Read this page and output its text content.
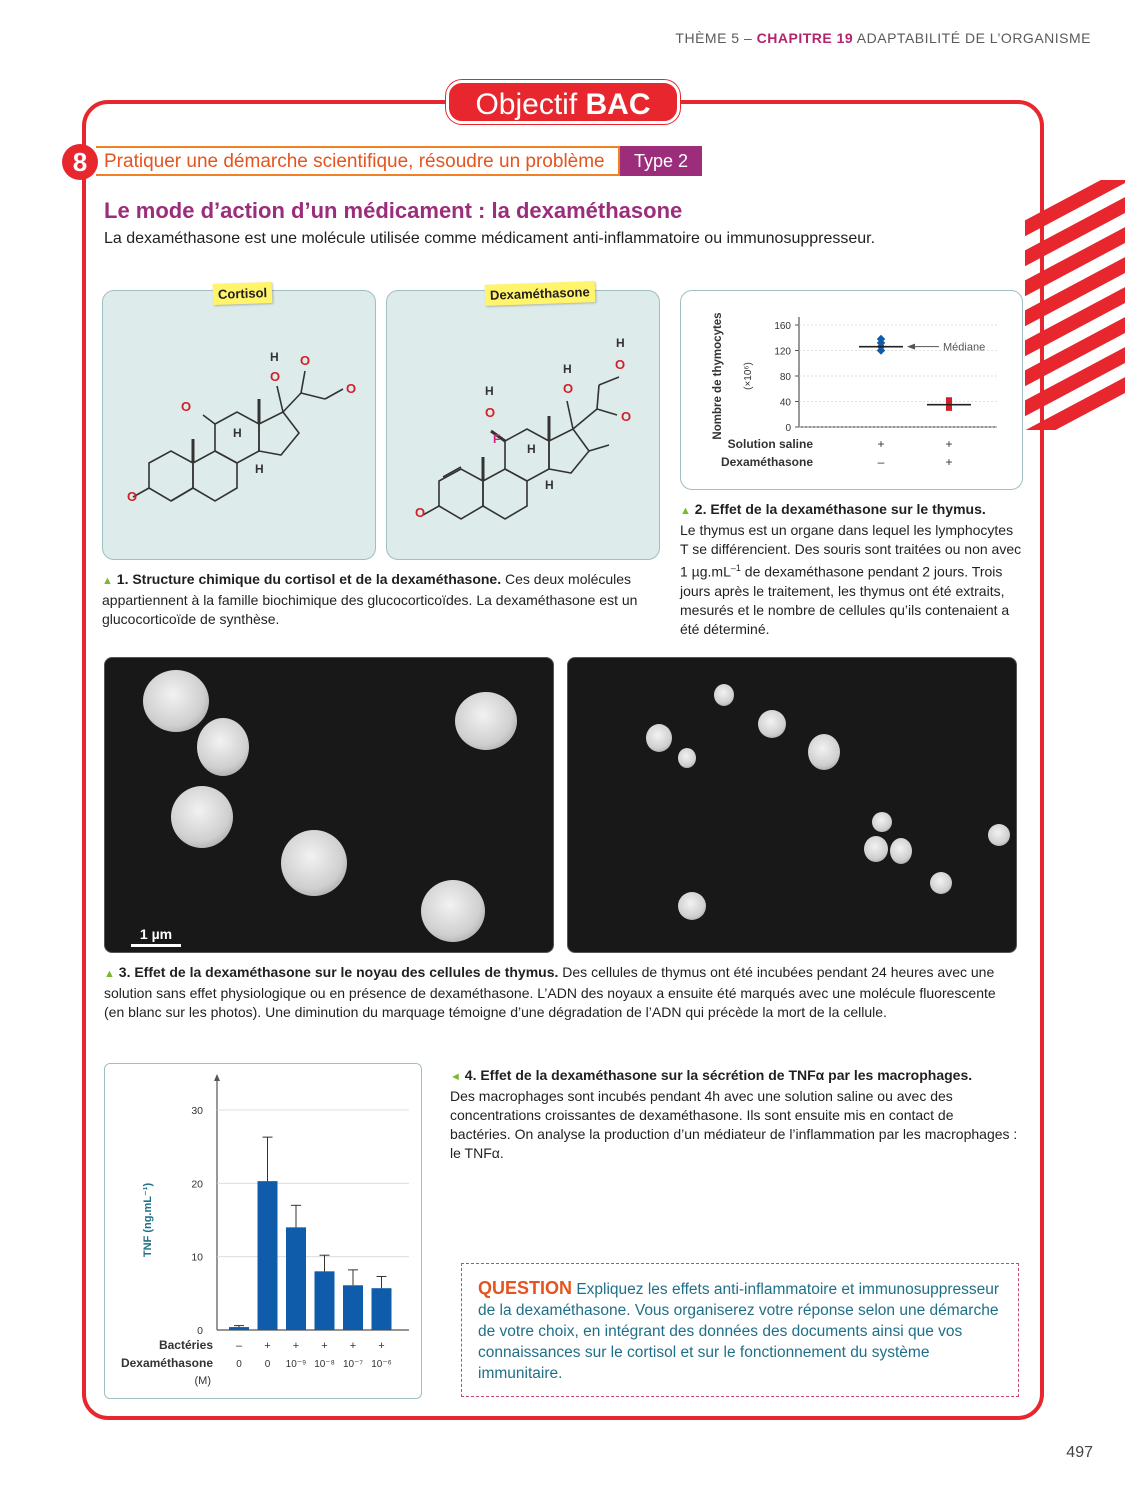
THÈME 5 – CHAPITRE 19 ADAPTABILITÉ DE L’ORGANISME
Objectif BAC
Pratiquer une démarche scientifique, résoudre un problème
8	Type 2
Le mode d’action d’un médicament : la dexaméthasone
La dexaméthasone est une molécule utilisée comme médicament anti-inflammatoire ou immunosuppresseur.
O
O
O
O
O
H
H
H
Cortisol
O
O
O
O
O
F
H
H
H
H
H
Dexaméthasone
▲ 1. Structure chimique du cortisol et de la dexaméthasone. Ces deux molécules appartiennent à la famille biochimique des glucocorticoïdes. La dexaméthasone est un glucocorticoïde de synthèse.
0
40
80
120
160
Nombre de thymocytes (×10⁶)
+
–
+
+
Médiane
Solution saline
Dexaméthasone
▲ 2. Effet de la dexaméthasone sur le thymus.
Le thymus est un organe dans lequel les lymphocytes T se différencient. Des souris sont traitées ou non avec 1 $\mu g.mL^{-1}$ de dexaméthasone pendant 2 jours. Trois jours après le traitement, les thymus ont été extraits, mesurés et le nombre de cellules qu’ils contenaient a été déterminé.
1 µm
▲ 3. Effet de la dexaméthasone sur le noyau des cellules de thymus. Des cellules de thymus ont été incubées pendant 24 heures avec une solution sans effet physiologique ou en présence de dexaméthasone. L’ADN des noyaux a ensuite été marqués avec une molécule fluorescente (en blanc sur les photos). Une diminution du marquage témoigne d’une dégradation de l’ADN qui précède la mort de la cellule.
0
10
20
30
TNF (ng.mL⁻¹)
–
0
+
0
+
10⁻⁹
+
10⁻⁸
+
10⁻⁷
+
10⁻⁶
Bactéries
Dexaméthasone
(M)
◄ 4. Effet de la dexaméthasone sur la sécrétion de TNFα par les macrophages.
Des macrophages sont incubés pendant 4h avec une solution saline ou avec des concentrations croissantes de dexaméthasone. Ils sont ensuite mis en contact de bactéries. On analyse la production d’un médiateur de l’inflammation par les macrophages : le TNFα.
QUESTION Expliquez les effets anti-inflammatoire et immunosuppresseur de la dexaméthasone. Vous organiserez votre réponse selon une démarche de votre choix, en intégrant des données des documents ainsi que vos connaissances sur le cortisol et sur le fonctionnement du système immunitaire.
497
